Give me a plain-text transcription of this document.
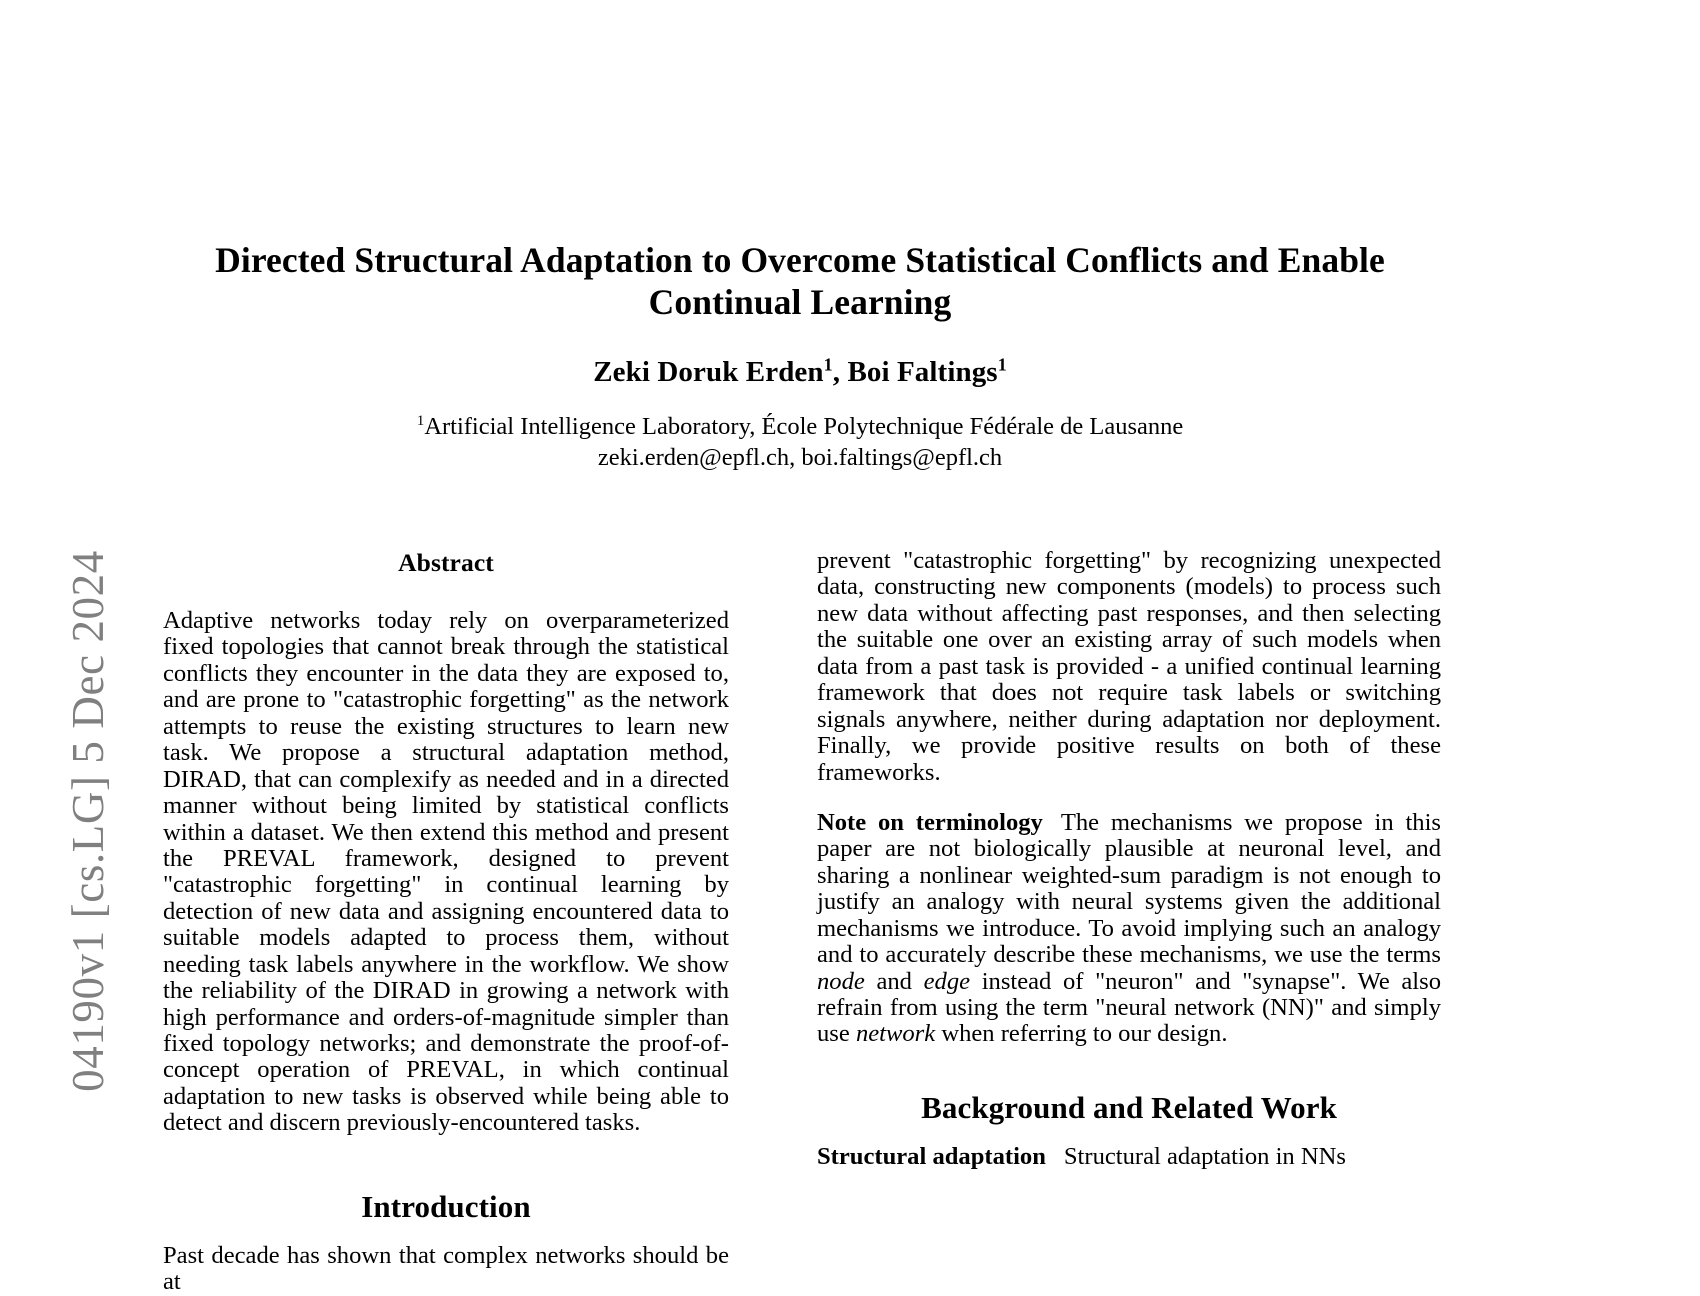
04190v1 [cs.LG] 5 Dec 2024
Directed Structural Adaptation to Overcome Statistical Conflicts and Enable Continual Learning
Zeki Doruk Erden$^1$, Boi Faltings$^1$
$^1$Artificial Intelligence Laboratory, École Polytechnique Fédérale de Lausanne
zeki.erden@epfl.ch, boi.faltings@epfl.ch
Abstract

Adaptive networks today rely on overparameterized fixed topologies that cannot break through the statistical conflicts they encounter in the data they are exposed to, and are prone to "catastrophic forgetting" as the network attempts to reuse the existing structures to learn new task. We propose a structural adaptation method, DIRAD, that can complexify as needed and in a directed manner without being limited by statistical conflicts within a dataset. We then extend this method and present the PREVAL framework, designed to prevent "catastrophic forgetting" in continual learning by detection of new data and assigning encountered data to suitable models adapted to process them, without needing task labels anywhere in the workflow. We show the reliability of the DIRAD in growing a network with high performance and orders-of-magnitude simpler than fixed topology networks; and demonstrate the proof-of-concept operation of PREVAL, in which continual adaptation to new tasks is observed while being able to detect and discern previously-encountered tasks.

Introduction

Past decade has shown that complex networks should be at

prevent "catastrophic forgetting" by recognizing unexpected data, constructing new components (models) to process such new data without affecting past responses, and then selecting the suitable one over an existing array of such models when data from a past task is provided - a unified continual learning framework that does not require task labels or switching signals anywhere, neither during adaptation nor deployment. Finally, we provide positive results on both of these frameworks.

Note on terminology The mechanisms we propose in this paper are not biologically plausible at neuronal level, and sharing a nonlinear weighted-sum paradigm is not enough to justify an analogy with neural systems given the additional mechanisms we introduce. To avoid implying such an analogy and to accurately describe these mechanisms, we use the terms node and edge instead of "neuron" and "synapse". We also refrain from using the term "neural network (NN)" and simply use network when referring to our design.

Background and Related Work

Structural adaptation Structural adaptation in NNs
